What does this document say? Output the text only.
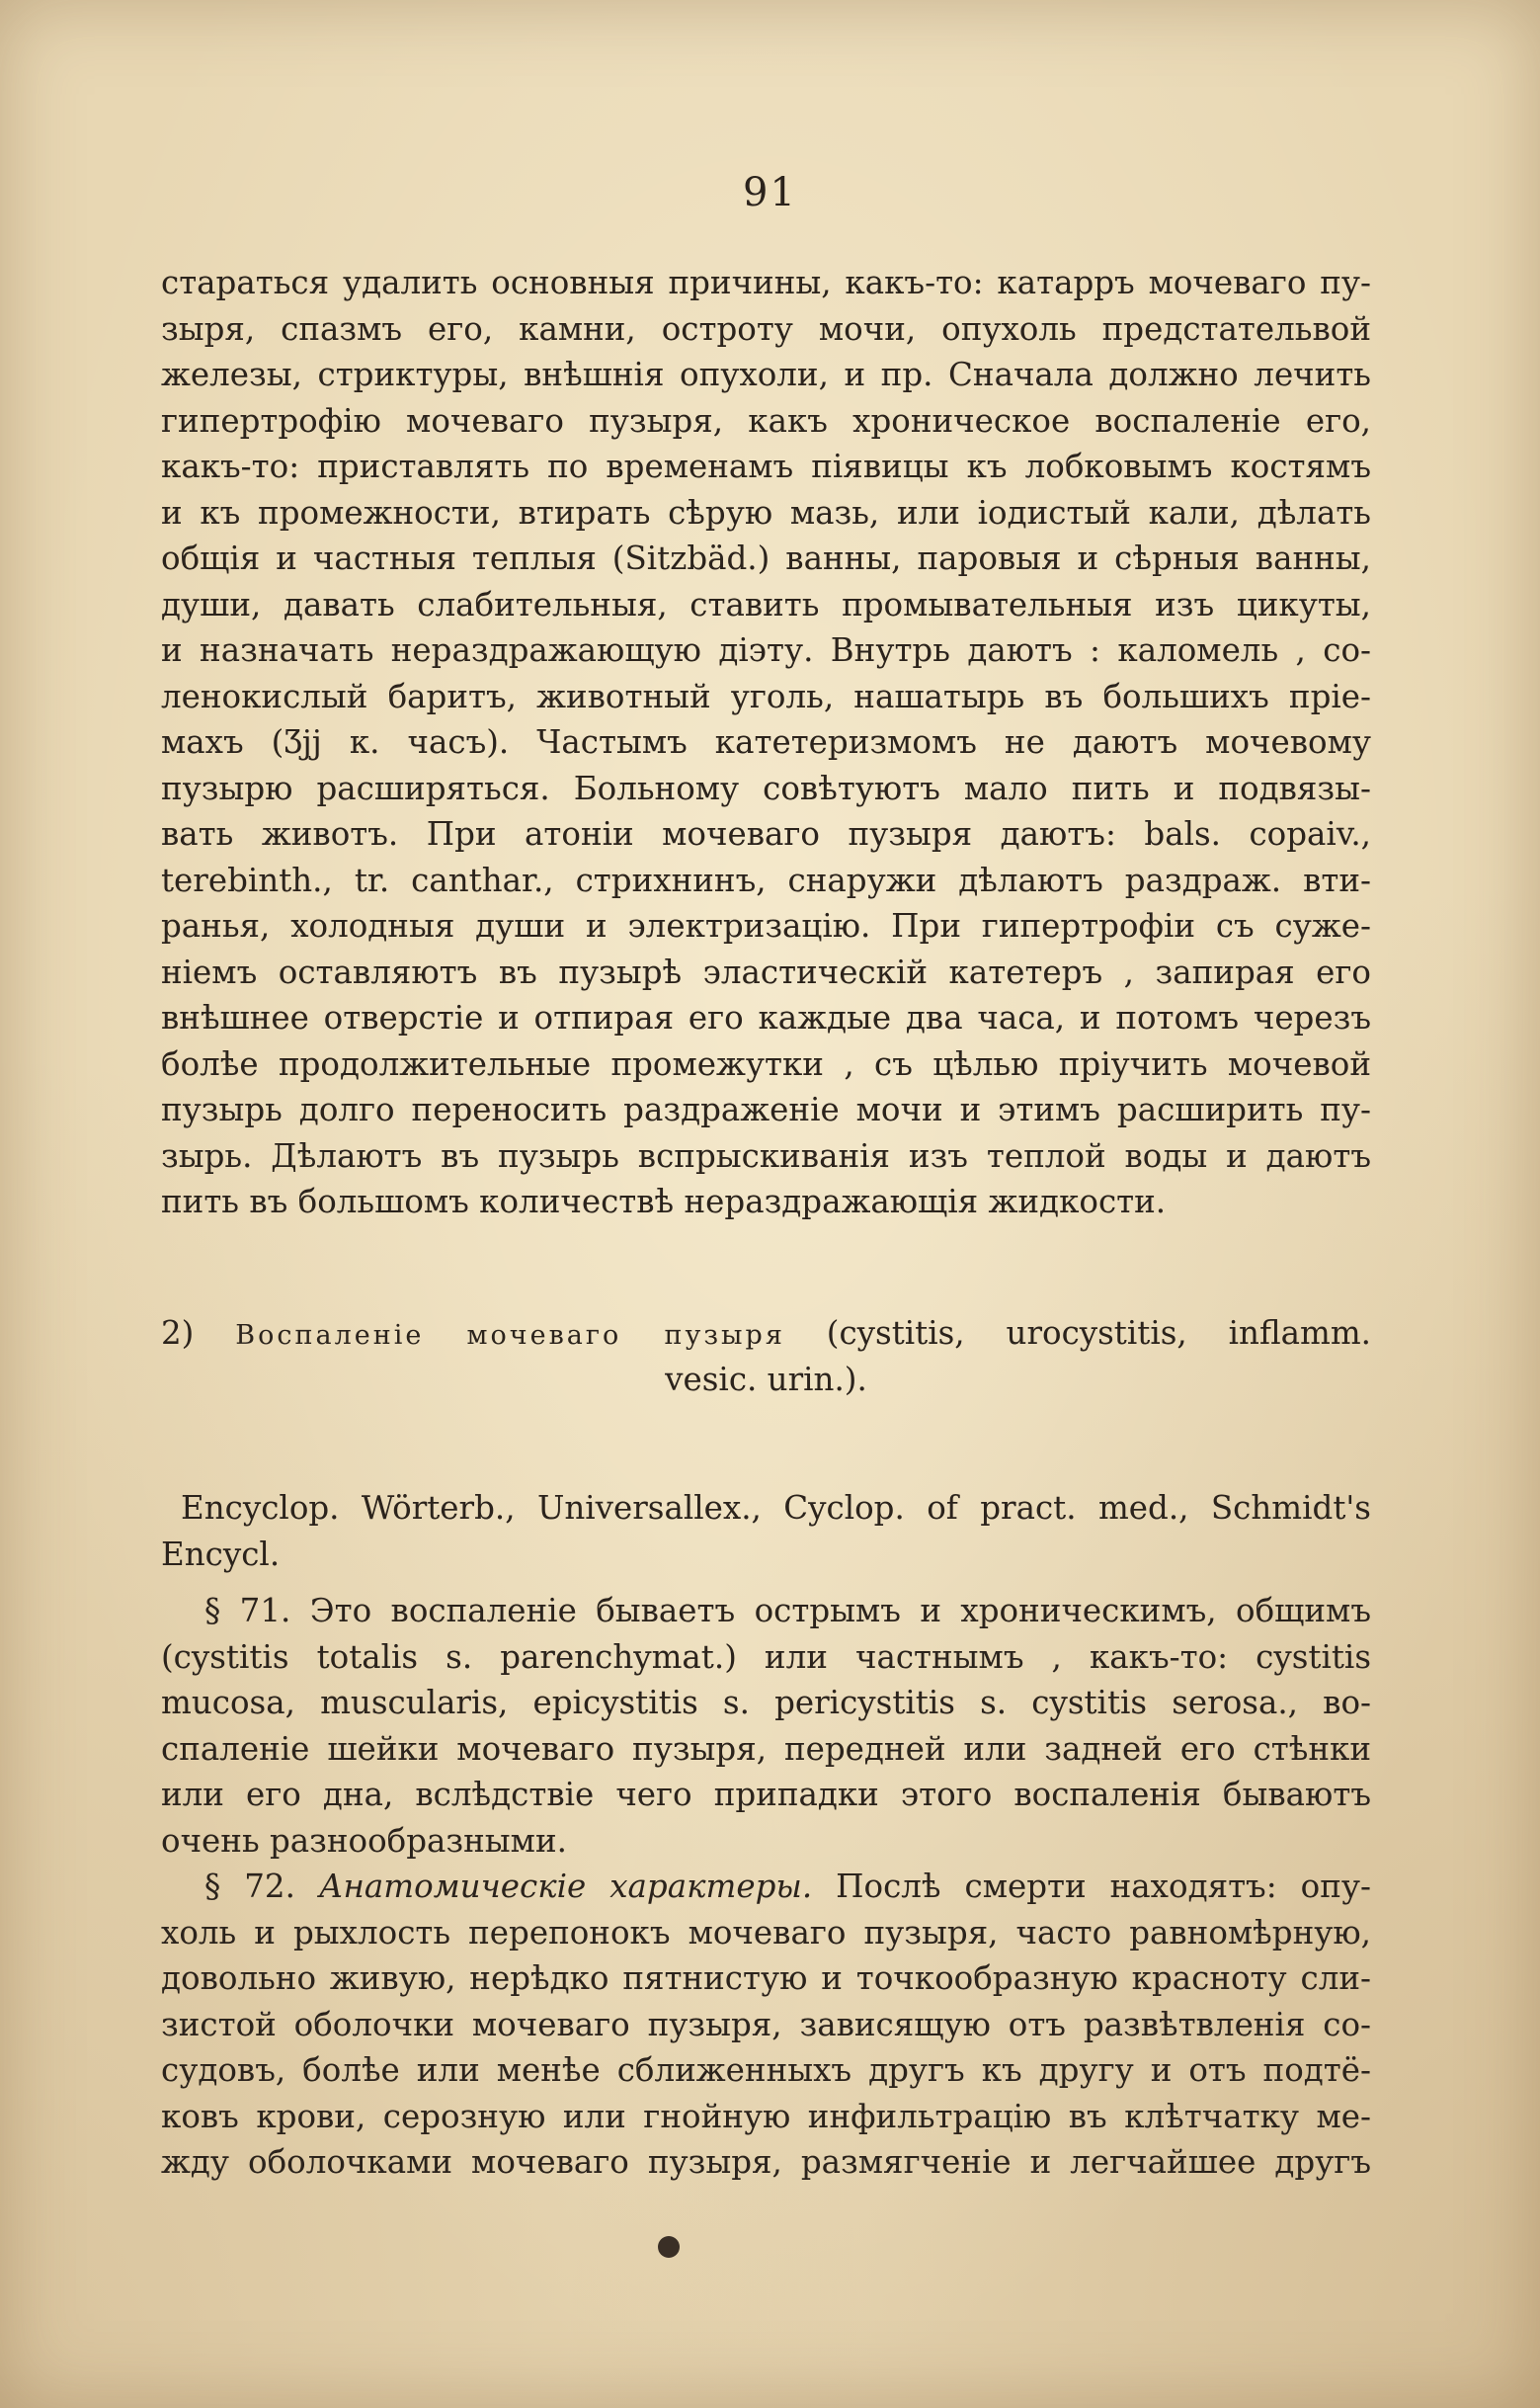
91
стараться удалить основныя причины, какъ-то: катарръ мочеваго пу-
зыря, спазмъ его, камни, остроту мочи, опухоль предстательвой
железы, стриктуры, внѣшнія опухоли, и пр. Сначала должно лечить
гипертрофію мочеваго пузыря, какъ хроническое воспаленіе его,
какъ-то: приставлять по временамъ піявицы къ лобковымъ костямъ
и къ промежности, втирать сѣрую мазь, или іодистый кали, дѣлать
общія и частныя теплыя (Sitzbäd.) ванны, паровыя и сѣрныя ванны,
души, давать слабительныя, ставить промывательныя изъ цикуты,
и назначать нераздражающую діэту. Внутрь даютъ : каломель , со-
ленокислый баритъ, животный уголь, нашатырь въ большихъ прie-
махъ (Ʒjj к. часъ). Частымъ катетеризмомъ не даютъ мочевому
пузырю расширяться. Больному совѣтуютъ мало пить и подвязы-
вать животъ. При атоніи мочеваго пузыря даютъ: bals. copaiv.,
terebinth., tr. canthar., стрихнинъ, снаружи дѣлаютъ раздраж. вти-
ранья, холодныя души и электризацію. При гипертрофіи съ сужe-
ніемъ оставляютъ въ пузырѣ эластическій катетеръ , запирая его
внѣшнее отверстіе и отпирая его каждые два часа, и потомъ черезъ
болѣе продолжительные промежутки , съ цѣлью пріучить мочевой
пузырь долго переносить раздраженіе мочи и этимъ расширить пу-
зырь. Дѣлаютъ въ пузырь вспрыскиванія изъ теплой воды и даютъ
пить въ большомъ количествѣ нераздражающія жидкости.
2) Воспаленіе мочеваго пузыря (cystitis, urocystitis, inflamm.
vesic. urin.).
Encyclop. Wörterb., Universallex., Cyclop. of pract. med., Schmidt's
Encycl.
§ 71. Это воспаленіе бываетъ острымъ и хроническимъ, общимъ
(cystitis totalis s. parenchymat.) или частнымъ , какъ-то: cystitis
mucosa, muscularis, epicystitis s. pericystitis s. cystitis serosa., во-
спаленіе шейки мочеваго пузыря, передней или задней его стѣнки
или его дна, вслѣдствіе чего припадки этого воспаленія бываютъ
очень разнообразными.
§ 72. Анатомическіе характеры. Послѣ смерти находятъ: опу-
холь и рыхлость перепонокъ мочеваго пузыря, часто равномѣрную,
довольно живую, нерѣдко пятнистую и точкообразную красноту сли-
зистой оболочки мочеваго пузыря, зависящую отъ развѣтвленія со-
судовъ, болѣе или менѣе сближенныхъ другъ къ другу и отъ подтё-
ковъ крови, серозную или гнойную инфильтрацію въ клѣтчатку ме-
жду оболочками мочеваго пузыря, размягченіе и легчайшее другъ
